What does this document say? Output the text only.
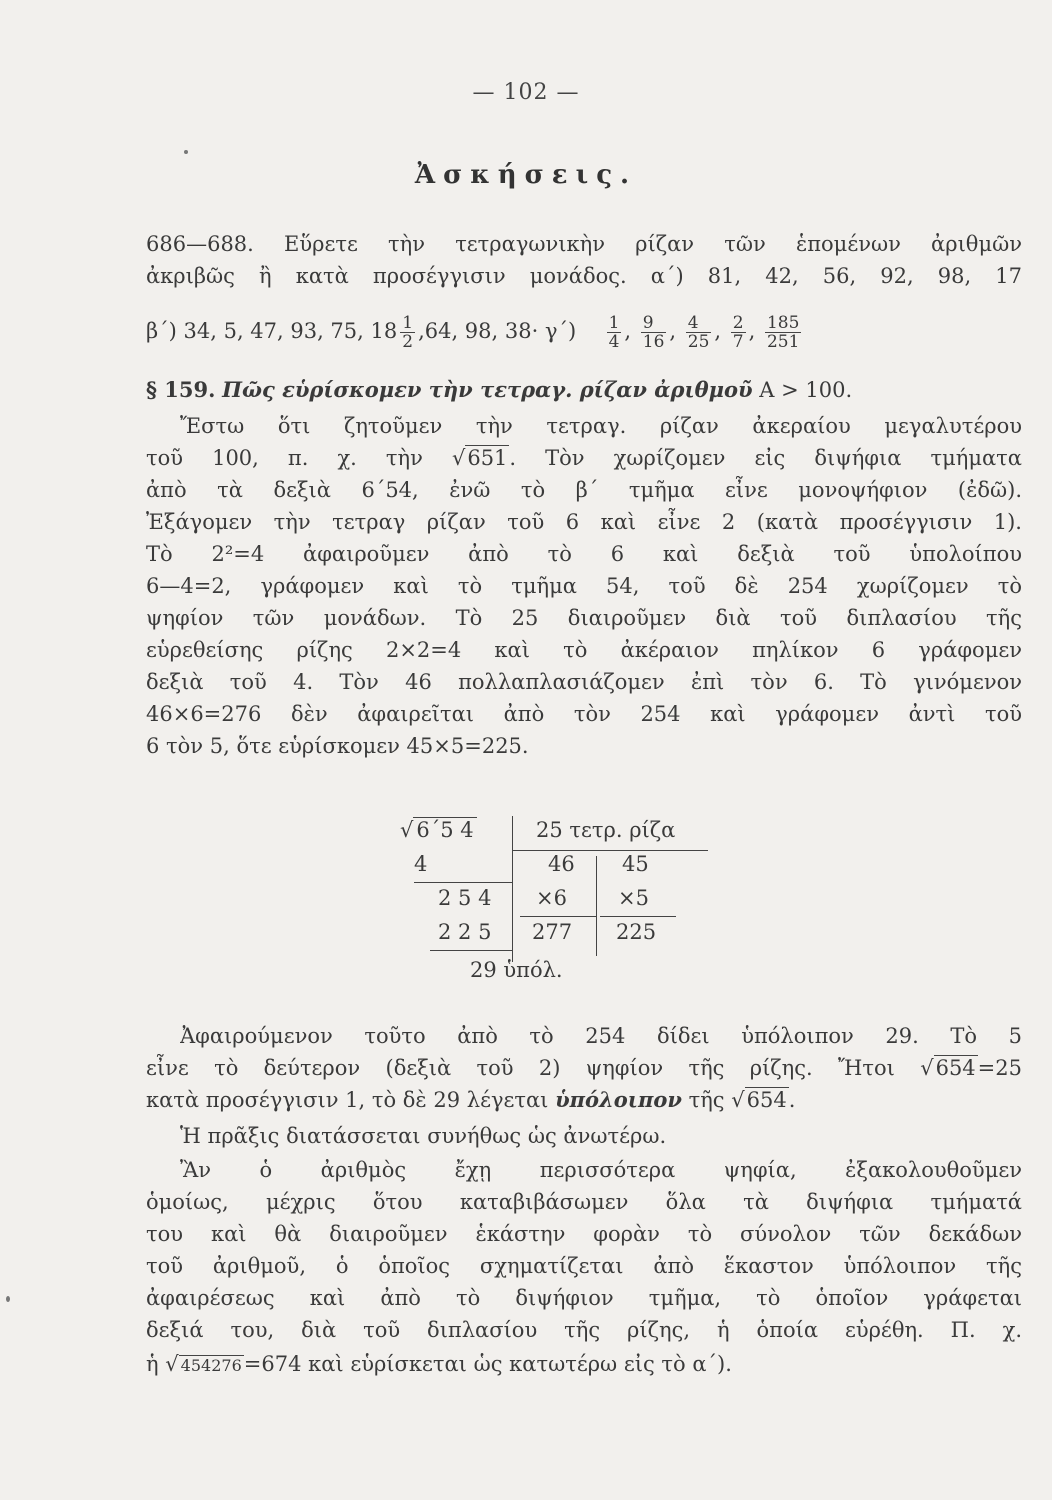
— 102 —
Ἀσκήσεις.
686—688. Εὕρετε τὴν τετραγωνικὴν ρίζαν τῶν ἑπομένων ἀριθμῶν
ἀκριβῶς ἢ κατὰ προσέγγισιν μονάδος. α΄) 81, 42, 56, 92, 98, 17
β΄) 34, 5, 47, 93, 75, $18 \frac{1}{2} ,64$, 98, $38\cdot \gamma΄) \frac{1}{4}$ , $\frac{9}{16}$ , $\frac{4}{25}$ , $\frac{2}{7}$ , $\frac{185}{251}$
§ 159. Πῶς εὑρίσκομεν τὴν τετραγ. ρίζαν ἀριθμοῦ Α > 100.
Ἔστω ὅτι ζητοῦμεν τὴν τετραγ. ρίζαν ἀκεραίου μεγαλυτέρου
τοῦ 100, π. χ. τὴν √651. Τὸν χωρίζομεν εἰς διψήφια τμήματα
ἀπὸ τὰ δεξιὰ 6΄54, ἐνῶ τὸ β΄ τμῆμα εἶνε μονοψήφιον (ἐδῶ).
Ἐξάγομεν τὴν τετραγ ρίζαν τοῦ 6 καὶ εἶνε 2 (κατὰ προσέγγισιν 1).
Τὸ 2²=4 ἀφαιροῦμεν ἀπὸ τὸ 6 καὶ δεξιὰ τοῦ ὑπολοίπου
6—4=2, γράφομεν καὶ τὸ τμῆμα 54, τοῦ δὲ 254 χωρίζομεν τὸ
ψηφίον τῶν μονάδων. Τὸ 25 διαιροῦμεν διὰ τοῦ διπλασίου τῆς
εὑρεθείσης ρίζης 2×2=4 καὶ τὸ ἀκέραιον πηλίκον 6 γράφομεν
δεξιὰ τοῦ 4. Τὸν 46 πολλαπλασιάζομεν ἐπὶ τὸν 6. Τὸ γινόμενον
46×6=276 δὲν ἀφαιρεῖται ἀπὸ τὸν 254 καὶ γράφομεν ἀντὶ τοῦ
6 τὸν 5, ὅτε εὑρίσκομεν 45×5=225.
√ 6΄5 4	25 τετρ. ρίζα
4
2 5 4
2 2 5
46
×6
277
45
×5
225
29 ὑπόλ.
Ἀφαιρούμενον τοῦτο ἀπὸ τὸ 254 δίδει ὑπόλοιπον 29. Τὸ 5
εἶνε τὸ δεύτερον (δεξιὰ τοῦ 2) ψηφίον τῆς ρίζης. Ἤτοι √654=25
κατὰ προσέγγισιν 1, τὸ δὲ 29 λέγεται ὑπόλοιπον τῆς √654.
Ἡ πρᾶξις διατάσσεται συνήθως ὡς ἀνωτέρω.
Ἂν ὁ ἀριθμὸς ἔχῃ περισσότερα ψηφία, ἐξακολουθοῦμεν
ὁμοίως, μέχρις ὅτου καταβιβάσωμεν ὅλα τὰ διψήφια τμήματά
του καὶ θὰ διαιροῦμεν ἑκάστην φορὰν τὸ σύνολον τῶν δεκάδων
τοῦ ἀριθμοῦ, ὁ ὁποῖος σχηματίζεται ἀπὸ ἕκαστον ὑπόλοιπον τῆς
ἀφαιρέσεως καὶ ἀπὸ τὸ διψήφιον τμῆμα, τὸ ὁποῖον γράφεται
δεξιά του, διὰ τοῦ διπλασίου τῆς ρίζης, ἡ ὁποία εὑρέθη. Π. χ.
ἡ √ 454276=674 καὶ εὑρίσκεται ὡς κατωτέρω εἰς τὸ α΄).
